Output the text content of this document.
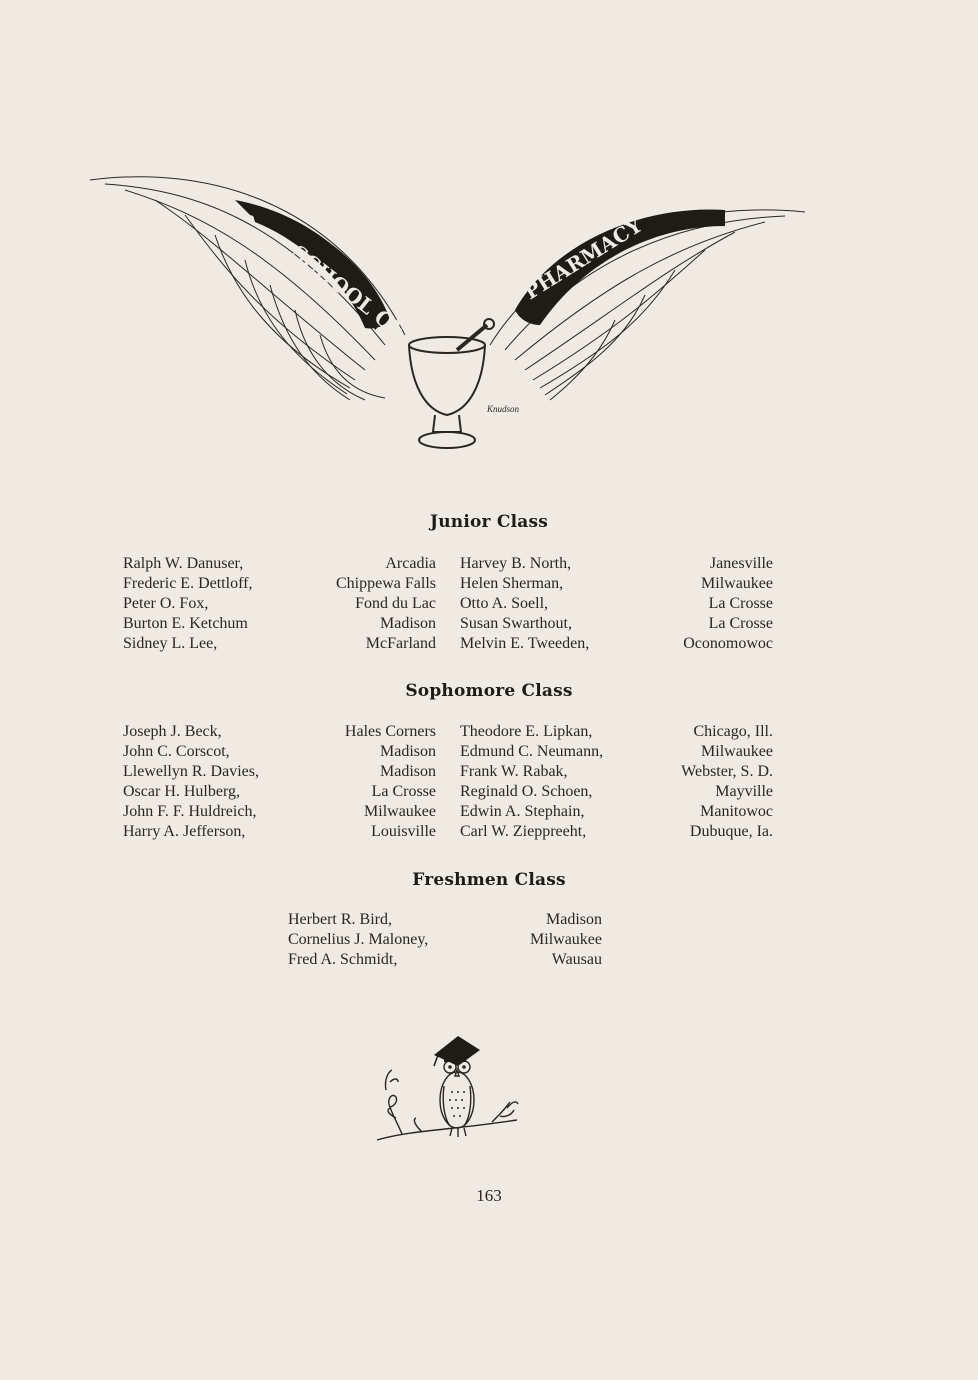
SCHOOL OF	PHARMACY
Knudson
Junior Class
Ralph W. Danuser,	Arcadia
Frederic E. Dettloff,	Chippewa Falls
Peter O. Fox,	Fond du Lac
Burton E. Ketchum	Madison
Sidney L. Lee,	McFarland
Harvey B. North,	Janesville
Helen Sherman,	Milwaukee
Otto A. Soell,	La Crosse
Susan Swarthout,	La Crosse
Melvin E. Tweeden,	Oconomowoc
Sophomore Class
Joseph J. Beck,	Hales Corners
John C. Corscot,	Madison
Llewellyn R. Davies,	Madison
Oscar H. Hulberg,	La Crosse
John F. F. Huldreich,	Milwaukee
Harry A. Jefferson,	Louisville
Theodore E. Lipkan,	Chicago, Ill.
Edmund C. Neumann,	Milwaukee
Frank W. Rabak,	Webster, S. D.
Reginald O. Schoen,	Mayville
Edwin A. Stephain,	Manitowoc
Carl W. Zieppreeht,	Dubuque, Ia.
Freshmen Class
Herbert R. Bird,	Madison
Cornelius J. Maloney,	Milwaukee
Fred A. Schmidt,	Wausau
163
